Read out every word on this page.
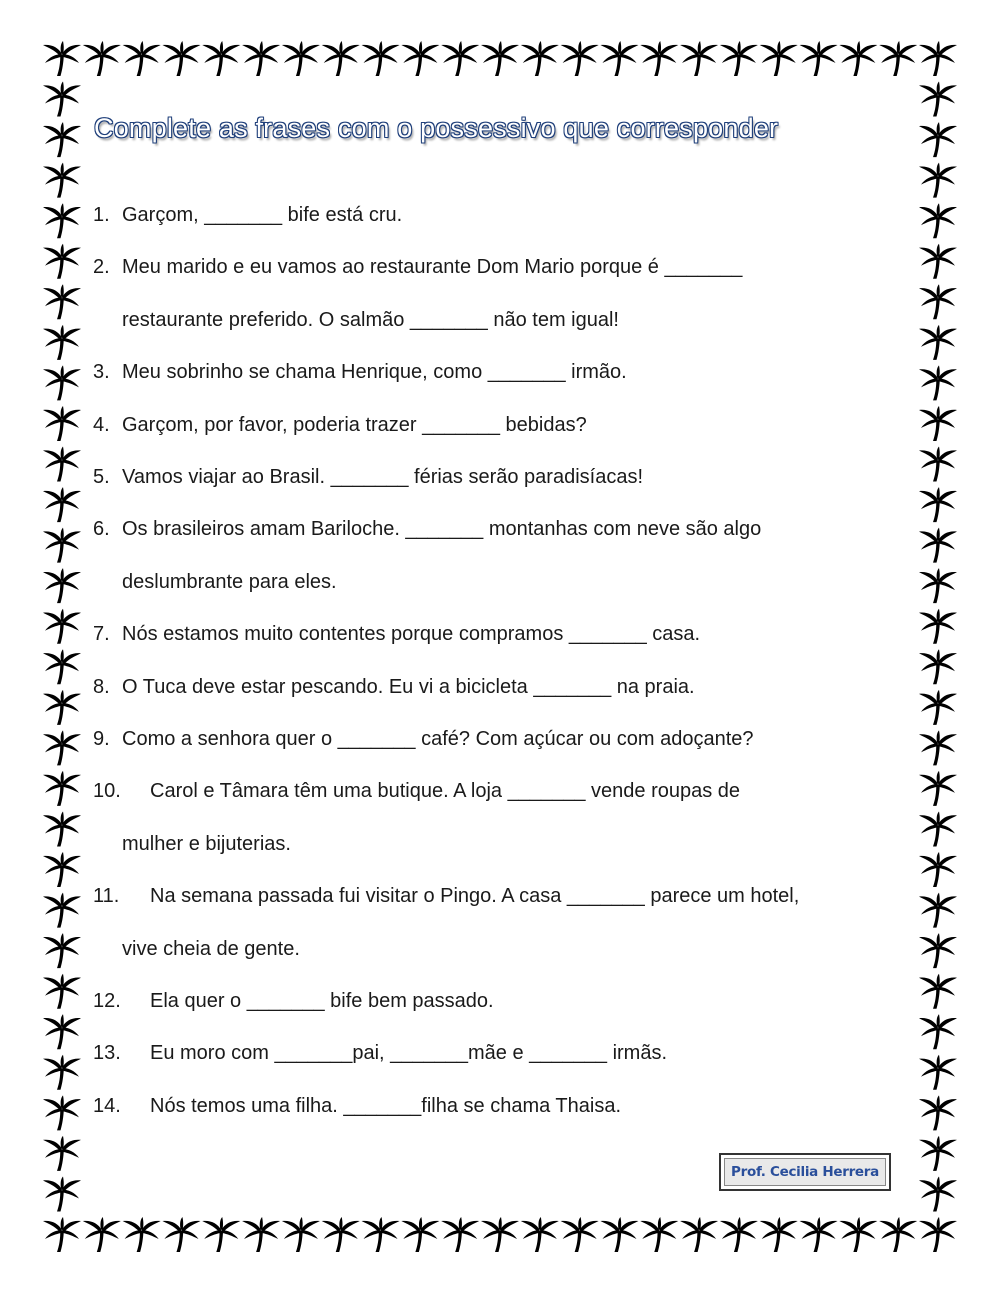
Complete as frases com o possessivo que corresponder
1. Garçom, _______ bife está cru.
2. Meu marido e eu vamos ao restaurante Dom Mario porque é _______
restaurante preferido. O salmão _______ não tem igual!
3. Meu sobrinho se chama Henrique, como _______ irmão.
4. Garçom, por favor, poderia trazer _______ bebidas?
5. Vamos viajar ao Brasil. _______ férias serão paradisíacas!
6. Os brasileiros amam Bariloche. _______ montanhas com neve são algo
deslumbrante para eles.
7. Nós estamos muito contentes porque compramos _______ casa.
8. O Tuca deve estar pescando. Eu vi a bicicleta _______ na praia.
9. Como a senhora quer o _______ café? Com açúcar ou com adoçante?
10. Carol e Tâmara têm uma butique. A loja _______ vende roupas de
mulher e bijuterias.
11. Na semana passada fui visitar o Pingo. A casa _______ parece um hotel,
vive cheia de gente.
12. Ela quer o _______ bife bem passado.
13. Eu moro com _______pai, _______mãe e _______ irmãs.
14. Nós temos uma filha. _______filha se chama Thaisa.
Prof. Cecilia Herrera
